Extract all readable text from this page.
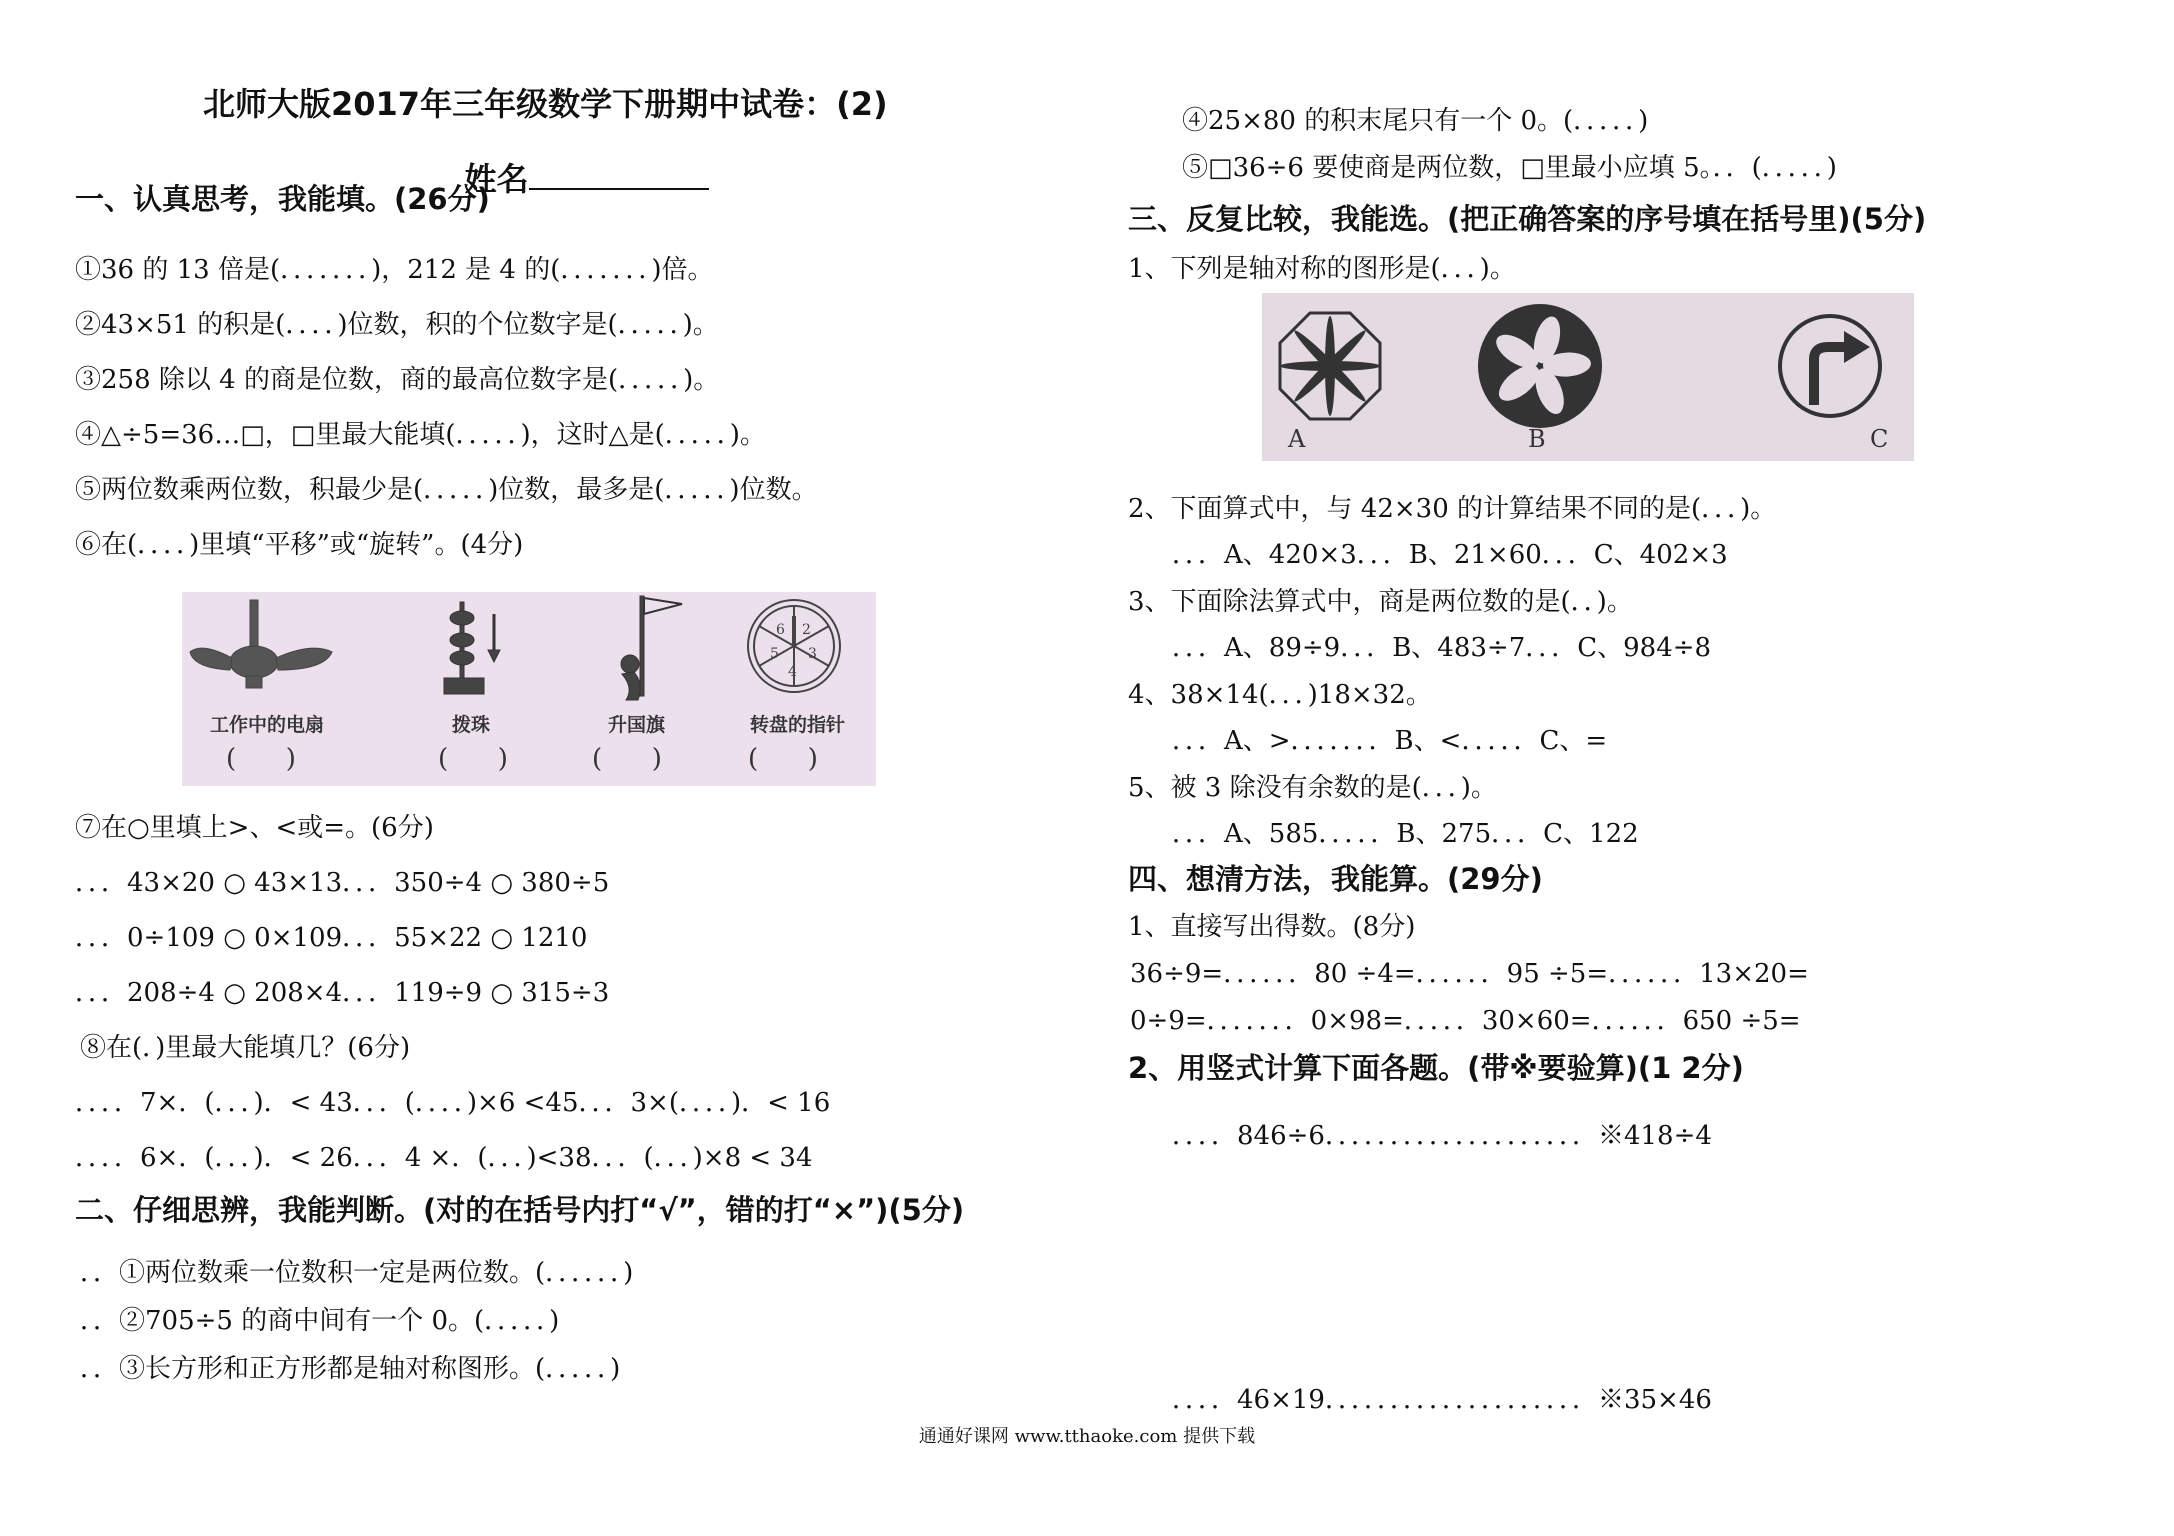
北师大版2017年三年级数学下册期中试卷：(2)

姓名

一、认真思考，我能填。(26分)
①36 的 13 倍是(．．．．．．．)，212 是 4 的(．．．．．．．)倍。
②43×51 的积是(．．．．)位数，积的个位数字是(．．．．．)。
③258 除以 4 的商是位数，商的最高位数字是(．．．．．)。
④△÷5=36…□，□里最大能填(．．．．．)，这时△是(．．．．．)。
⑤两位数乘两位数，积最少是(．．．．．)位数，最多是(．．．．．)位数。
⑥在(．．．．)里填“平移”或“旋转”。(4分)
6 2
5 3
4
工作中的电扇	拨珠	升国旗	转盘的指针
(      )	(      )	(      )	(      )
⑦在○里填上>、<或=。(6分)
．．．43×20 ○ 43×13．．．350÷4 ○ 380÷5
．．．0÷109 ○ 0×109．．．55×22 ○ 1210
．．．208÷4 ○ 208×4．．．119÷9 ○ 315÷3
⑧在(．)里最大能填几？(6分)
．．．．7×．(．．．)．< 43．．．(．．．．)×6 <45．．．3×(．．．．)．< 16
．．．．6×．(．．．)．< 26．．．4 ×．(．．．)<38．．．(．．．)×8 < 34
二、仔细思辨，我能判断。(对的在括号内打“√”，错的打“×”)(5分)
．．①两位数乘一位数积一定是两位数。(．．．．．．)
．．②705÷5 的商中间有一个 0。(．．．．．)
．．③长方形和正方形都是轴对称图形。(．．．．．)
④25×80 的积末尾只有一个 0。(．．．．．)
⑤□36÷6 要使商是两位数，□里最小应填 5。．．(．．．．．)
三、反复比较，我能选。(把正确答案的序号填在括号里)(5分)
1、下列是轴对称的图形是(．．．)。
A	B	C
2、下面算式中，与 42×30 的计算结果不同的是(．．．)。
．．．A、420×3．．．B、21×60．．．C、402×3
3、下面除法算式中，商是两位数的是(．．)。
．．．A、89÷9．．．B、483÷7．．．C、984÷8
4、38×14(．．．)18×32。
．．．A、>．．．．．．．B、<．．．．．C、=
5、被 3 除没有余数的是(．．．)。
．．．A、585．．．．．B、275．．．C、122
四、想清方法，我能算。(29分)
1、直接写出得数。(8分)
36÷9=．．．．．．80 ÷4=．．．．．．95 ÷5=．．．．．．13×20=
0÷9=．．．．．．．0×98=．．．．．30×60=．．．．．．650 ÷5=
2、用竖式计算下面各题。(带※要验算)(1 2分)
．．．．846÷6．．．．．．．．．．．．．．．．．．．．※418÷4
．．．．46×19．．．．．．．．．．．．．．．．．．．．※35×46
通通好课网 www.tthaoke.com 提供下载
